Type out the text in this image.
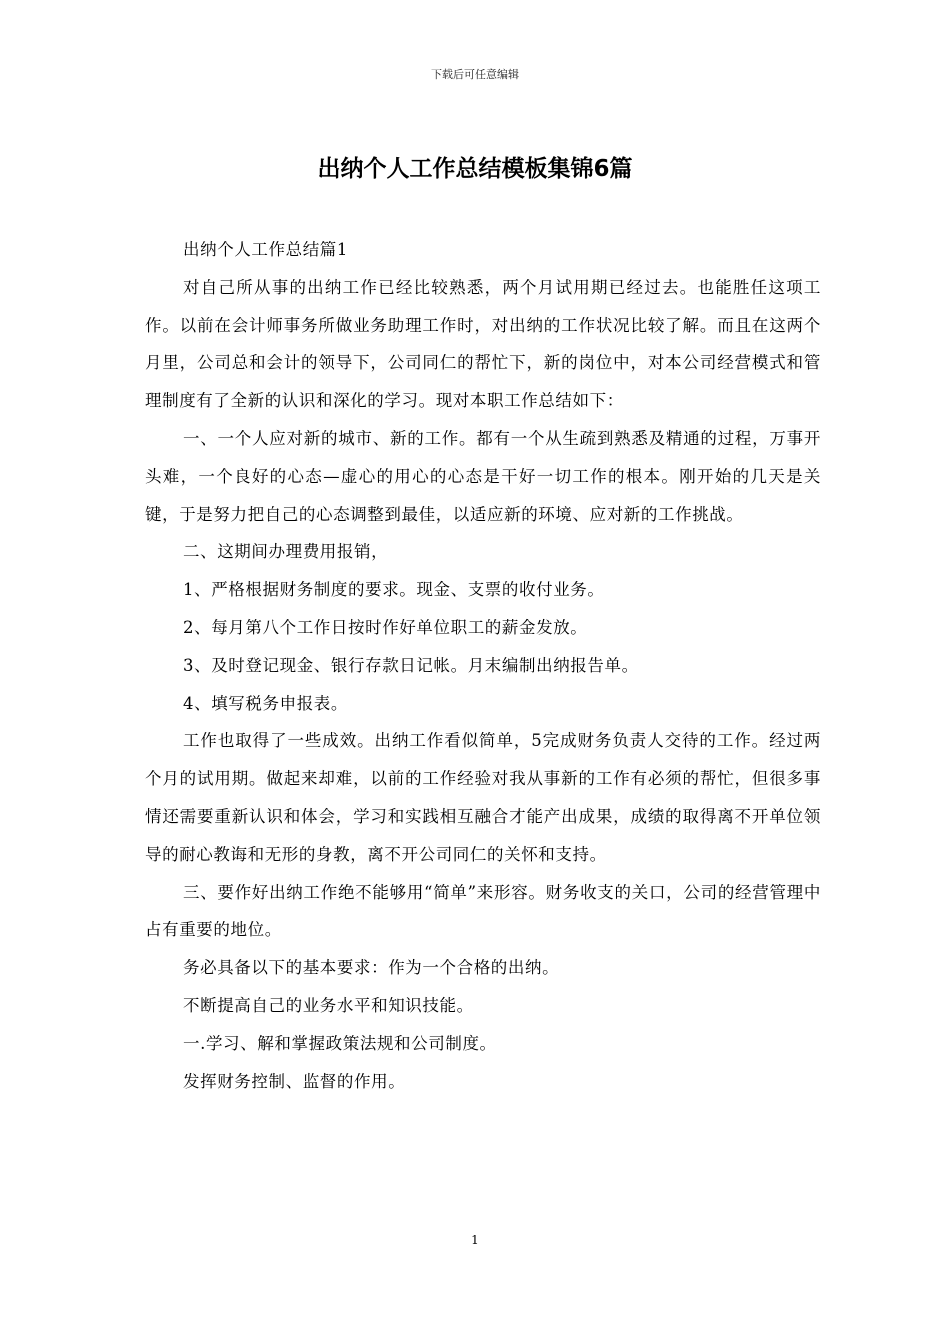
下载后可任意编辑
出纳个人工作总结模板集锦6篇

出纳个人工作总结篇1

对自己所从事的出纳工作已经比较熟悉，两个月试用期已经过去。也能胜任这项工作。以前在会计师事务所做业务助理工作时，对出纳的工作状况比较了解。而且在这两个月里，公司总和会计的领导下，公司同仁的帮忙下，新的岗位中，对本公司经营模式和管理制度有了全新的认识和深化的学习。现对本职工作总结如下：

一、一个人应对新的城市、新的工作。都有一个从生疏到熟悉及精通的过程，万事开头难，一个良好的心态—虚心的用心的心态是干好一切工作的根本。刚开始的几天是关键，于是努力把自己的心态调整到最佳，以适应新的环境、应对新的工作挑战。

二、这期间办理费用报销，

1、严格根据财务制度的要求。现金、支票的收付业务。

2、每月第八个工作日按时作好单位职工的薪金发放。

3、及时登记现金、银行存款日记帐。月末编制出纳报告单。

4、填写税务申报表。

工作也取得了一些成效。出纳工作看似简单，5完成财务负责人交待的工作。经过两个月的试用期。做起来却难，以前的工作经验对我从事新的工作有必须的帮忙，但很多事情还需要重新认识和体会，学习和实践相互融合才能产出成果，成绩的取得离不开单位领导的耐心教诲和无形的身教，离不开公司同仁的关怀和支持。

三、要作好出纳工作绝不能够用“简单”来形容。财务收支的关口，公司的经营管理中占有重要的地位。

务必具备以下的基本要求：作为一个合格的出纳。

不断提高自己的业务水平和知识技能。

一.学习、解和掌握政策法规和公司制度。

发挥财务控制、监督的作用。

1
